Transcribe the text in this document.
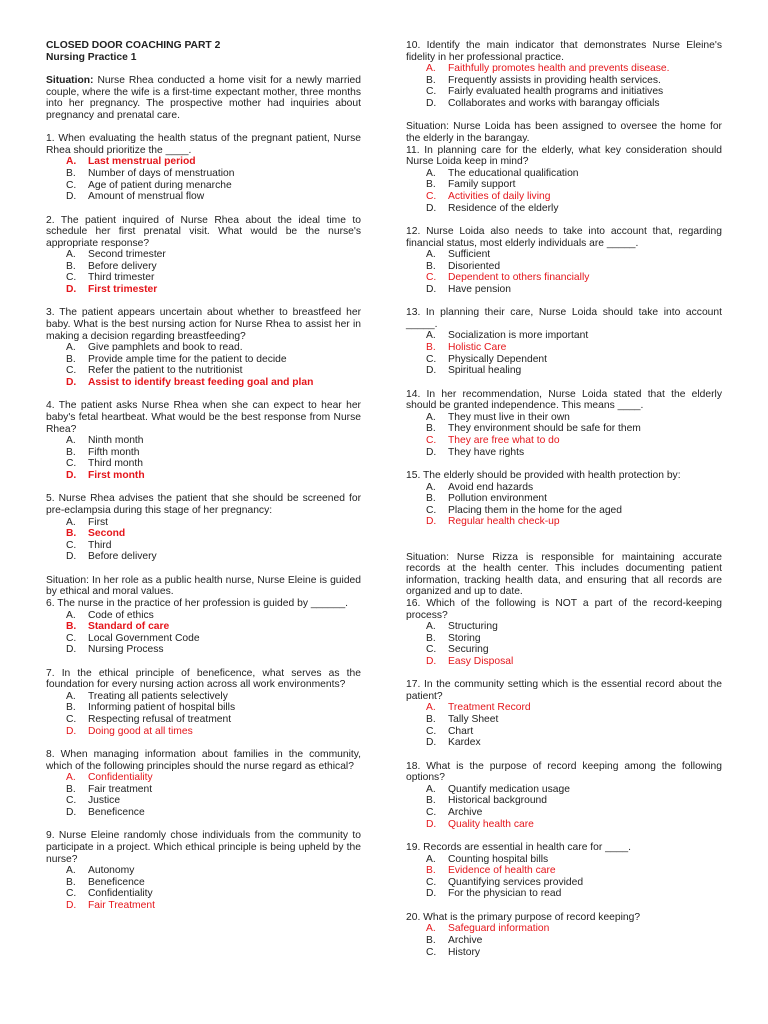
CLOSED DOOR COACHING PART 2

Nursing Practice 1

Situation: Nurse Rhea conducted a home visit for a newly married couple, where the wife is a first-time expectant mother, three months into her pregnancy. The prospective mother had inquiries about pregnancy and prenatal care.

1. When evaluating the health status of the pregnant patient, Nurse Rhea should prioritize the ____.

A.	Last menstrual period
B.	Number of days of menstruation
C.	Age of patient during menarche
D.	Amount of menstrual flow

2. The patient inquired of Nurse Rhea about the ideal time to schedule her first prenatal visit. What would be the nurse's appropriate response?

A.	Second trimester
B.	Before delivery
C.	Third trimester
D.	First trimester

3. The patient appears uncertain about whether to breastfeed her baby. What is the best nursing action for Nurse Rhea to assist her in making a decision regarding breastfeeding?

A.	Give pamphlets and book to read.
B.	Provide ample time for the patient to decide
C.	Refer the patient to the nutritionist
D.	Assist to identify breast feeding goal and plan

4. The patient asks Nurse Rhea when she can expect to hear her baby's fetal heartbeat. What would be the best response from Nurse Rhea?

A.	Ninth month
B.	Fifth month
C.	Third month
D.	First month

5. Nurse Rhea advises the patient that she should be screened for pre-eclampsia during this stage of her pregnancy:

A.	First
B.	Second
C.	Third
D.	Before delivery

Situation: In her role as a public health nurse, Nurse Eleine is guided by ethical and moral values.

6. The nurse in the practice of her profession is guided by ______.

A.	Code of ethics
B.	Standard of care
C.	Local Government Code
D.	Nursing Process

7. In the ethical principle of beneficence, what serves as the foundation for every nursing action across all work environments?

A.	Treating all patients selectively
B.	Informing patient of hospital bills
C.	Respecting refusal of treatment
D.	Doing good at all times

8. When managing information about families in the community, which of the following principles should the nurse regard as ethical?

A.	Confidentiality
B.	Fair treatment
C.	Justice
D.	Beneficence

9. Nurse Eleine randomly chose individuals from the community to participate in a project. Which ethical principle is being upheld by the nurse?

A.	Autonomy
B.	Beneficence
C.	Confidentiality
D.	Fair Treatment

10. Identify the main indicator that demonstrates Nurse Eleine's fidelity in her professional practice.

A.	Faithfully promotes health and prevents disease.
B.	Frequently assists in providing health services.
C.	Fairly evaluated health programs and initiatives
D.	Collaborates and works with barangay officials

Situation: Nurse Loida has been assigned to oversee the home for the elderly in the barangay.

11. In planning care for the elderly, what key consideration should Nurse Loida keep in mind?

A.	The educational qualification
B.	Family support
C.	Activities of daily living
D.	Residence of the elderly

12. Nurse Loida also needs to take into account that, regarding financial status, most elderly individuals are _____.

A.	Sufficient
B.	Disoriented
C.	Dependent to others financially
D.	Have pension

13. In planning their care, Nurse Loida should take into account _____.

A.	Socialization is more important
B.	Holistic Care
C.	Physically Dependent
D.	Spiritual healing

14. In her recommendation, Nurse Loida stated that the elderly should be granted independence. This means ____.

A.	They must live in their own
B.	They environment should be safe for them
C.	They are free what to do
D.	They have rights

15. The elderly should be provided with health protection by:

A.	Avoid end hazards
B.	Pollution environment
C.	Placing them in the home for the aged
D.	Regular health check-up

Situation: Nurse Rizza is responsible for maintaining accurate records at the health center. This includes documenting patient information, tracking health data, and ensuring that all records are organized and up to date.

16. Which of the following is NOT a part of the record-keeping process?

A.	Structuring
B.	Storing
C.	Securing
D.	Easy Disposal

17. In the community setting which is the essential record about the patient?

A.	Treatment Record
B.	Tally Sheet
C.	Chart
D.	Kardex

18. What is the purpose of record keeping among the following options?

A.	Quantify medication usage
B.	Historical background
C.	Archive
D.	Quality health care

19. Records are essential in health care for ____.

A.	Counting hospital bills
B.	Evidence of health care
C.	Quantifying services provided
D.	For the physician to read

20. What is the primary purpose of record keeping?

A.	Safeguard information
B.	Archive
C.	History
